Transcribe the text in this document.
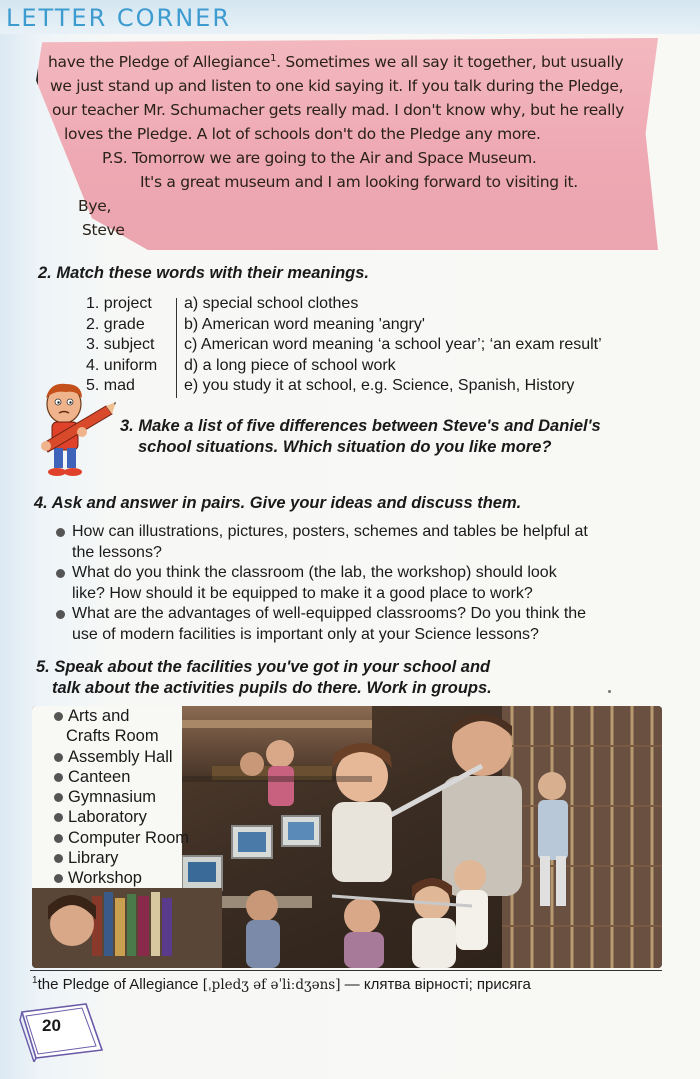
LETTER CORNER
have the Pledge of Allegiance$^1$. Sometimes we all say it together, but usually
we just stand up and listen to one kid saying it. If you talk during the Pledge,
our teacher Mr. Schumacher gets really mad. I don't know why, but he really
loves the Pledge. A lot of schools don't do the Pledge any more.
P.S. Tomorrow we are going to the Air and Space Museum.
It's a great museum and I am looking forward to visiting it.
Bye,
Steve
2. Match these words with their meanings.
1. project
2. grade
3. subject
4. uniform
5. mad
a) special school clothes
b) American word meaning 'angry'
c) American word meaning ‘a school year’; ‘an exam result’
d) a long piece of school work
e) you study it at school, e.g. Science, Spanish, History
3. Make a list of five differences between Steve's and Daniel's
school situations. Which situation do you like more?
4. Ask and answer in pairs. Give your ideas and discuss them.
How can illustrations, pictures, posters, schemes and tables be helpful at
the lessons?
What do you think the classroom (the lab, the workshop) should look
like? How should it be equipped to make it a good place to work?
What are the advantages of well-equipped classrooms? Do you think the
use of modern facilities is important only at your Science lessons?
5. Speak about the facilities you've got in your school and
talk about the activities pupils do there. Work in groups.
Arts and
Crafts Room
Assembly Hall
Canteen
Gymnasium
Laboratory
Computer Room
Library
Workshop
$^1$the Pledge of Allegiance [ˌpledʒ əf əˈliːdʒəns] — клятва вірності; присяга
20
